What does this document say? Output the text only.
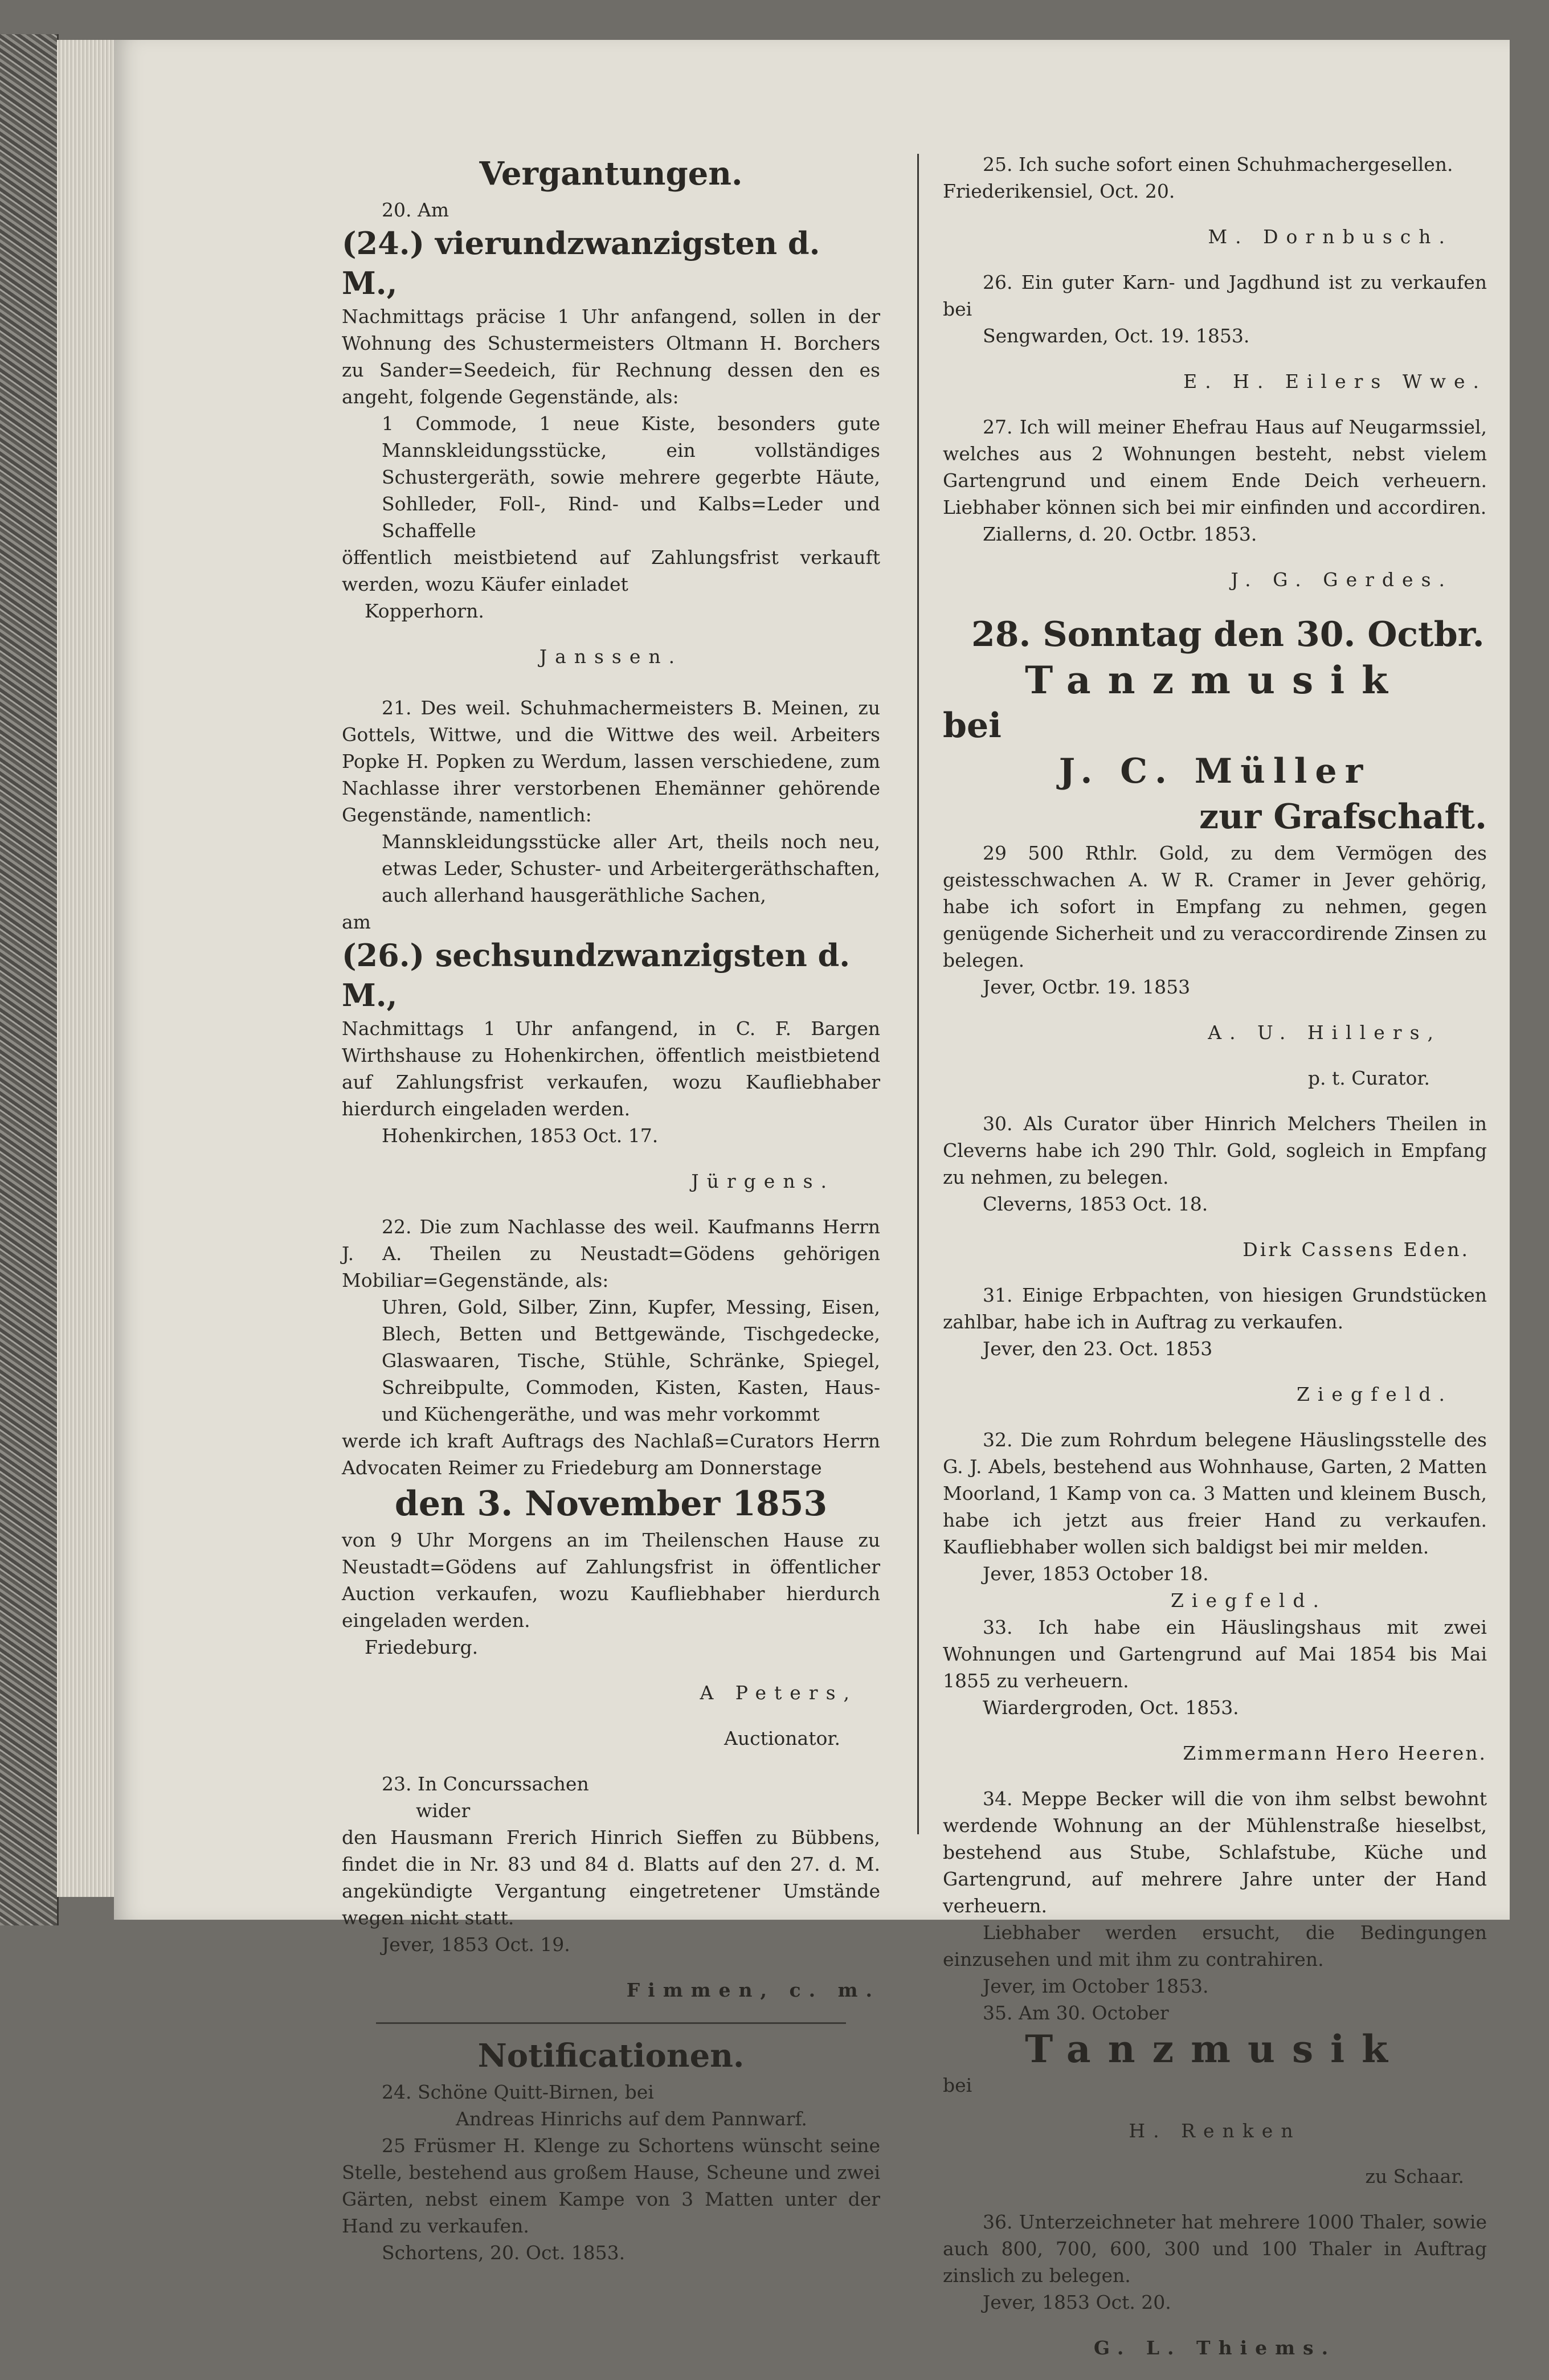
Vergantungen.

20. Am

(24.) vierundzwanzigsten d. M.,

Nachmittags präcise 1 Uhr anfangend, sollen in der Wohnung des Schustermeisters Oltmann H. Borchers zu Sander=Seedeich, für Rechnung dessen den es angeht, folgende Gegenstände, als:

1 Commode, 1 neue Kiste, besonders gute Mannskleidungsstücke, ein vollständiges Schustergeräth, sowie mehrere gegerbte Häute, Sohlleder, Foll-, Rind- und Kalbs=Leder und Schaffelle

öffentlich meistbietend auf Zahlungsfrist verkauft werden, wozu Käufer einladet

Kopperhorn.

Janssen.

21. Des weil. Schuhmachermeisters B. Meinen, zu Gottels, Wittwe, und die Wittwe des weil. Arbeiters Popke H. Popken zu Werdum, lassen verschiedene, zum Nachlasse ihrer verstorbenen Ehemänner gehörende Gegenstände, namentlich:

Mannskleidungsstücke aller Art, theils noch neu, etwas Leder, Schuster- und Arbeitergeräthschaften, auch allerhand hausgeräthliche Sachen,

am

(26.) sechsundzwanzigsten d. M.,

Nachmittags 1 Uhr anfangend, in C. F. Bargen Wirthshause zu Hohenkirchen, öffentlich meistbietend auf Zahlungsfrist verkaufen, wozu Kaufliebhaber hierdurch eingeladen werden.

Hohenkirchen, 1853 Oct. 17.

Jürgens.

22. Die zum Nachlasse des weil. Kaufmanns Herrn J. A. Theilen zu Neustadt=Gödens gehörigen Mobiliar=Gegenstände, als:

Uhren, Gold, Silber, Zinn, Kupfer, Messing, Eisen, Blech, Betten und Bettgewände, Tischgedecke, Glaswaaren, Tische, Stühle, Schränke, Spiegel, Schreibpulte, Commoden, Kisten, Kasten, Haus- und Küchengeräthe, und was mehr vorkommt

werde ich kraft Auftrags des Nachlaß=Curators Herrn Advocaten Reimer zu Friedeburg am Donnerstage

den 3. November 1853

von 9 Uhr Morgens an im Theilenschen Hause zu Neustadt=Gödens auf Zahlungsfrist in öffentlicher Auction verkaufen, wozu Kaufliebhaber hierdurch eingeladen werden.

Friedeburg.

A Peters,

Auctionator.

23. In Concurssachen

wider

den Hausmann Frerich Hinrich Sieffen zu Bübbens, findet die in Nr. 83 und 84 d. Blatts auf den 27. d. M. angekündigte Vergantung eingetretener Umstände wegen nicht statt.

Jever, 1853 Oct. 19.

Fimmen, c. m.

Notificationen.

24. Schöne Quitt-Birnen, bei

Andreas Hinrichs auf dem Pannwarf.

25 Früsmer H. Klenge zu Schortens wünscht seine Stelle, bestehend aus großem Hause, Scheune und zwei Gärten, nebst einem Kampe von 3 Matten unter der Hand zu verkaufen.

Schortens, 20. Oct. 1853.

25. Ich suche sofort einen Schuhmachergesellen.

Friederikensiel, Oct. 20.

M. Dornbusch.

26. Ein guter Karn- und Jagdhund ist zu verkaufen bei

Sengwarden, Oct. 19. 1853.

E. H. Eilers Wwe.

27. Ich will meiner Ehefrau Haus auf Neugarmssiel, welches aus 2 Wohnungen besteht, nebst vielem Gartengrund und einem Ende Deich verheuern. Liebhaber können sich bei mir einfinden und accordiren.

Ziallerns, d. 20. Octbr. 1853.

J. G. Gerdes.

28. Sonntag den 30. Octbr.

Tanzmusik

bei

J. C. Müller

zur Grafschaft.

29 500 Rthlr. Gold, zu dem Vermögen des geistesschwachen A. W R. Cramer in Jever gehörig, habe ich sofort in Empfang zu nehmen, gegen genügende Sicherheit und zu veraccordirende Zinsen zu belegen.

Jever, Octbr. 19. 1853

A. U. Hillers,

p. t. Curator.

30. Als Curator über Hinrich Melchers Theilen in Cleverns habe ich 290 Thlr. Gold, sogleich in Empfang zu nehmen, zu belegen.

Cleverns, 1853 Oct. 18.

Dirk Cassens Eden.

31. Einige Erbpachten, von hiesigen Grundstücken zahlbar, habe ich in Auftrag zu verkaufen.

Jever, den 23. Oct. 1853

Ziegfeld.

32. Die zum Rohrdum belegene Häuslingsstelle des G. J. Abels, bestehend aus Wohnhause, Garten, 2 Matten Moorland, 1 Kamp von ca. 3 Matten und kleinem Busch, habe ich jetzt aus freier Hand zu verkaufen. Kaufliebhaber wollen sich baldigst bei mir melden.

Jever, 1853 October 18.

Ziegfeld.

33. Ich habe ein Häuslingshaus mit zwei Wohnungen und Gartengrund auf Mai 1854 bis Mai 1855 zu verheuern.

Wiardergroden, Oct. 1853.

Zimmermann Hero Heeren.

34. Meppe Becker will die von ihm selbst bewohnt werdende Wohnung an der Mühlenstraße hieselbst, bestehend aus Stube, Schlafstube, Küche und Gartengrund, auf mehrere Jahre unter der Hand verheuern.

Liebhaber werden ersucht, die Bedingungen einzusehen und mit ihm zu contrahiren.

Jever, im October 1853.

35. Am 30. October

Tanzmusik

bei

H. Renken

zu Schaar.

36. Unterzeichneter hat mehrere 1000 Thaler, sowie auch 800, 700, 600, 300 und 100 Thaler in Auftrag zinslich zu belegen.

Jever, 1853 Oct. 20.

G. L. Thiems.
